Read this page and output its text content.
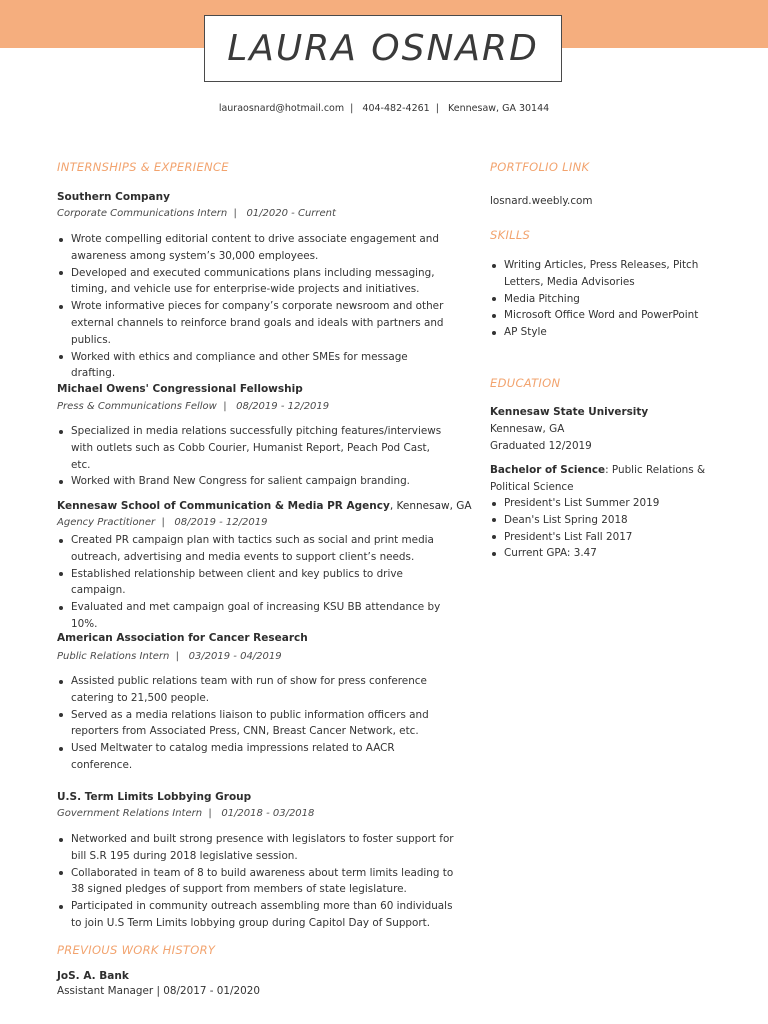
LAURA OSNARD
lauraosnard@hotmail.com  |   404-482-4261  |   Kennesaw, GA 30144
INTERNSHIPS & EXPERIENCE
Southern Company
Corporate Communications Intern  |   01/2020 - Current
Wrote compelling editorial content to drive associate engagement and awareness among system’s 30,000 employees.
Developed and executed communications plans including messaging, timing, and vehicle use for enterprise-wide projects and initiatives.
Wrote informative pieces for company’s corporate newsroom and other external channels to reinforce brand goals and ideals with partners and publics.
Worked with ethics and compliance and other SMEs for message drafting.
Michael Owens' Congressional Fellowship
Press & Communications Fellow  |   08/2019 - 12/2019
Specialized in media relations successfully pitching features/interviews with outlets such as Cobb Courier, Humanist Report, Peach Pod Cast, etc.
Worked with Brand New Congress for salient campaign branding.
Kennesaw School of Communication & Media PR Agency, Kennesaw, GA
Agency Practitioner  |   08/2019 - 12/2019
Created PR campaign plan with tactics such as social and print media outreach, advertising and media events to support client’s needs.
Established relationship between client and key publics to drive campaign.
Evaluated and met campaign goal of increasing KSU BB attendance by 10%.
American Association for Cancer Research
Public Relations Intern  |   03/2019 - 04/2019
Assisted public relations team with run of show for press conference catering to 21,500 people.
Served as a media relations liaison to public information officers and reporters from Associated Press, CNN, Breast Cancer Network, etc.
Used Meltwater to catalog media impressions related to AACR conference.
U.S. Term Limits Lobbying Group
Government Relations Intern  |   01/2018 - 03/2018
Networked and built strong presence with legislators to foster support for bill S.R 195 during 2018 legislative session.
Collaborated in team of 8 to build awareness about term limits leading to 38 signed pledges of support from members of state legislature.
Participated in community outreach assembling more than 60 individuals to join U.S Term Limits lobbying group during Capitol Day of Support.
PREVIOUS WORK HISTORY
JoS. A. Bank
Assistant Manager | 08/2017 - 01/2020
PORTFOLIO LINK
losnard.weebly.com
SKILLS
Writing Articles, Press Releases, Pitch Letters, Media Advisories
Media Pitching
Microsoft Office Word and PowerPoint
AP Style
EDUCATION
Kennesaw State University
Kennesaw, GA
Graduated 12/2019
Bachelor of Science: Public Relations & Political Science
President's List Summer 2019
Dean's List Spring 2018
President's List Fall 2017
Current GPA: 3.47
